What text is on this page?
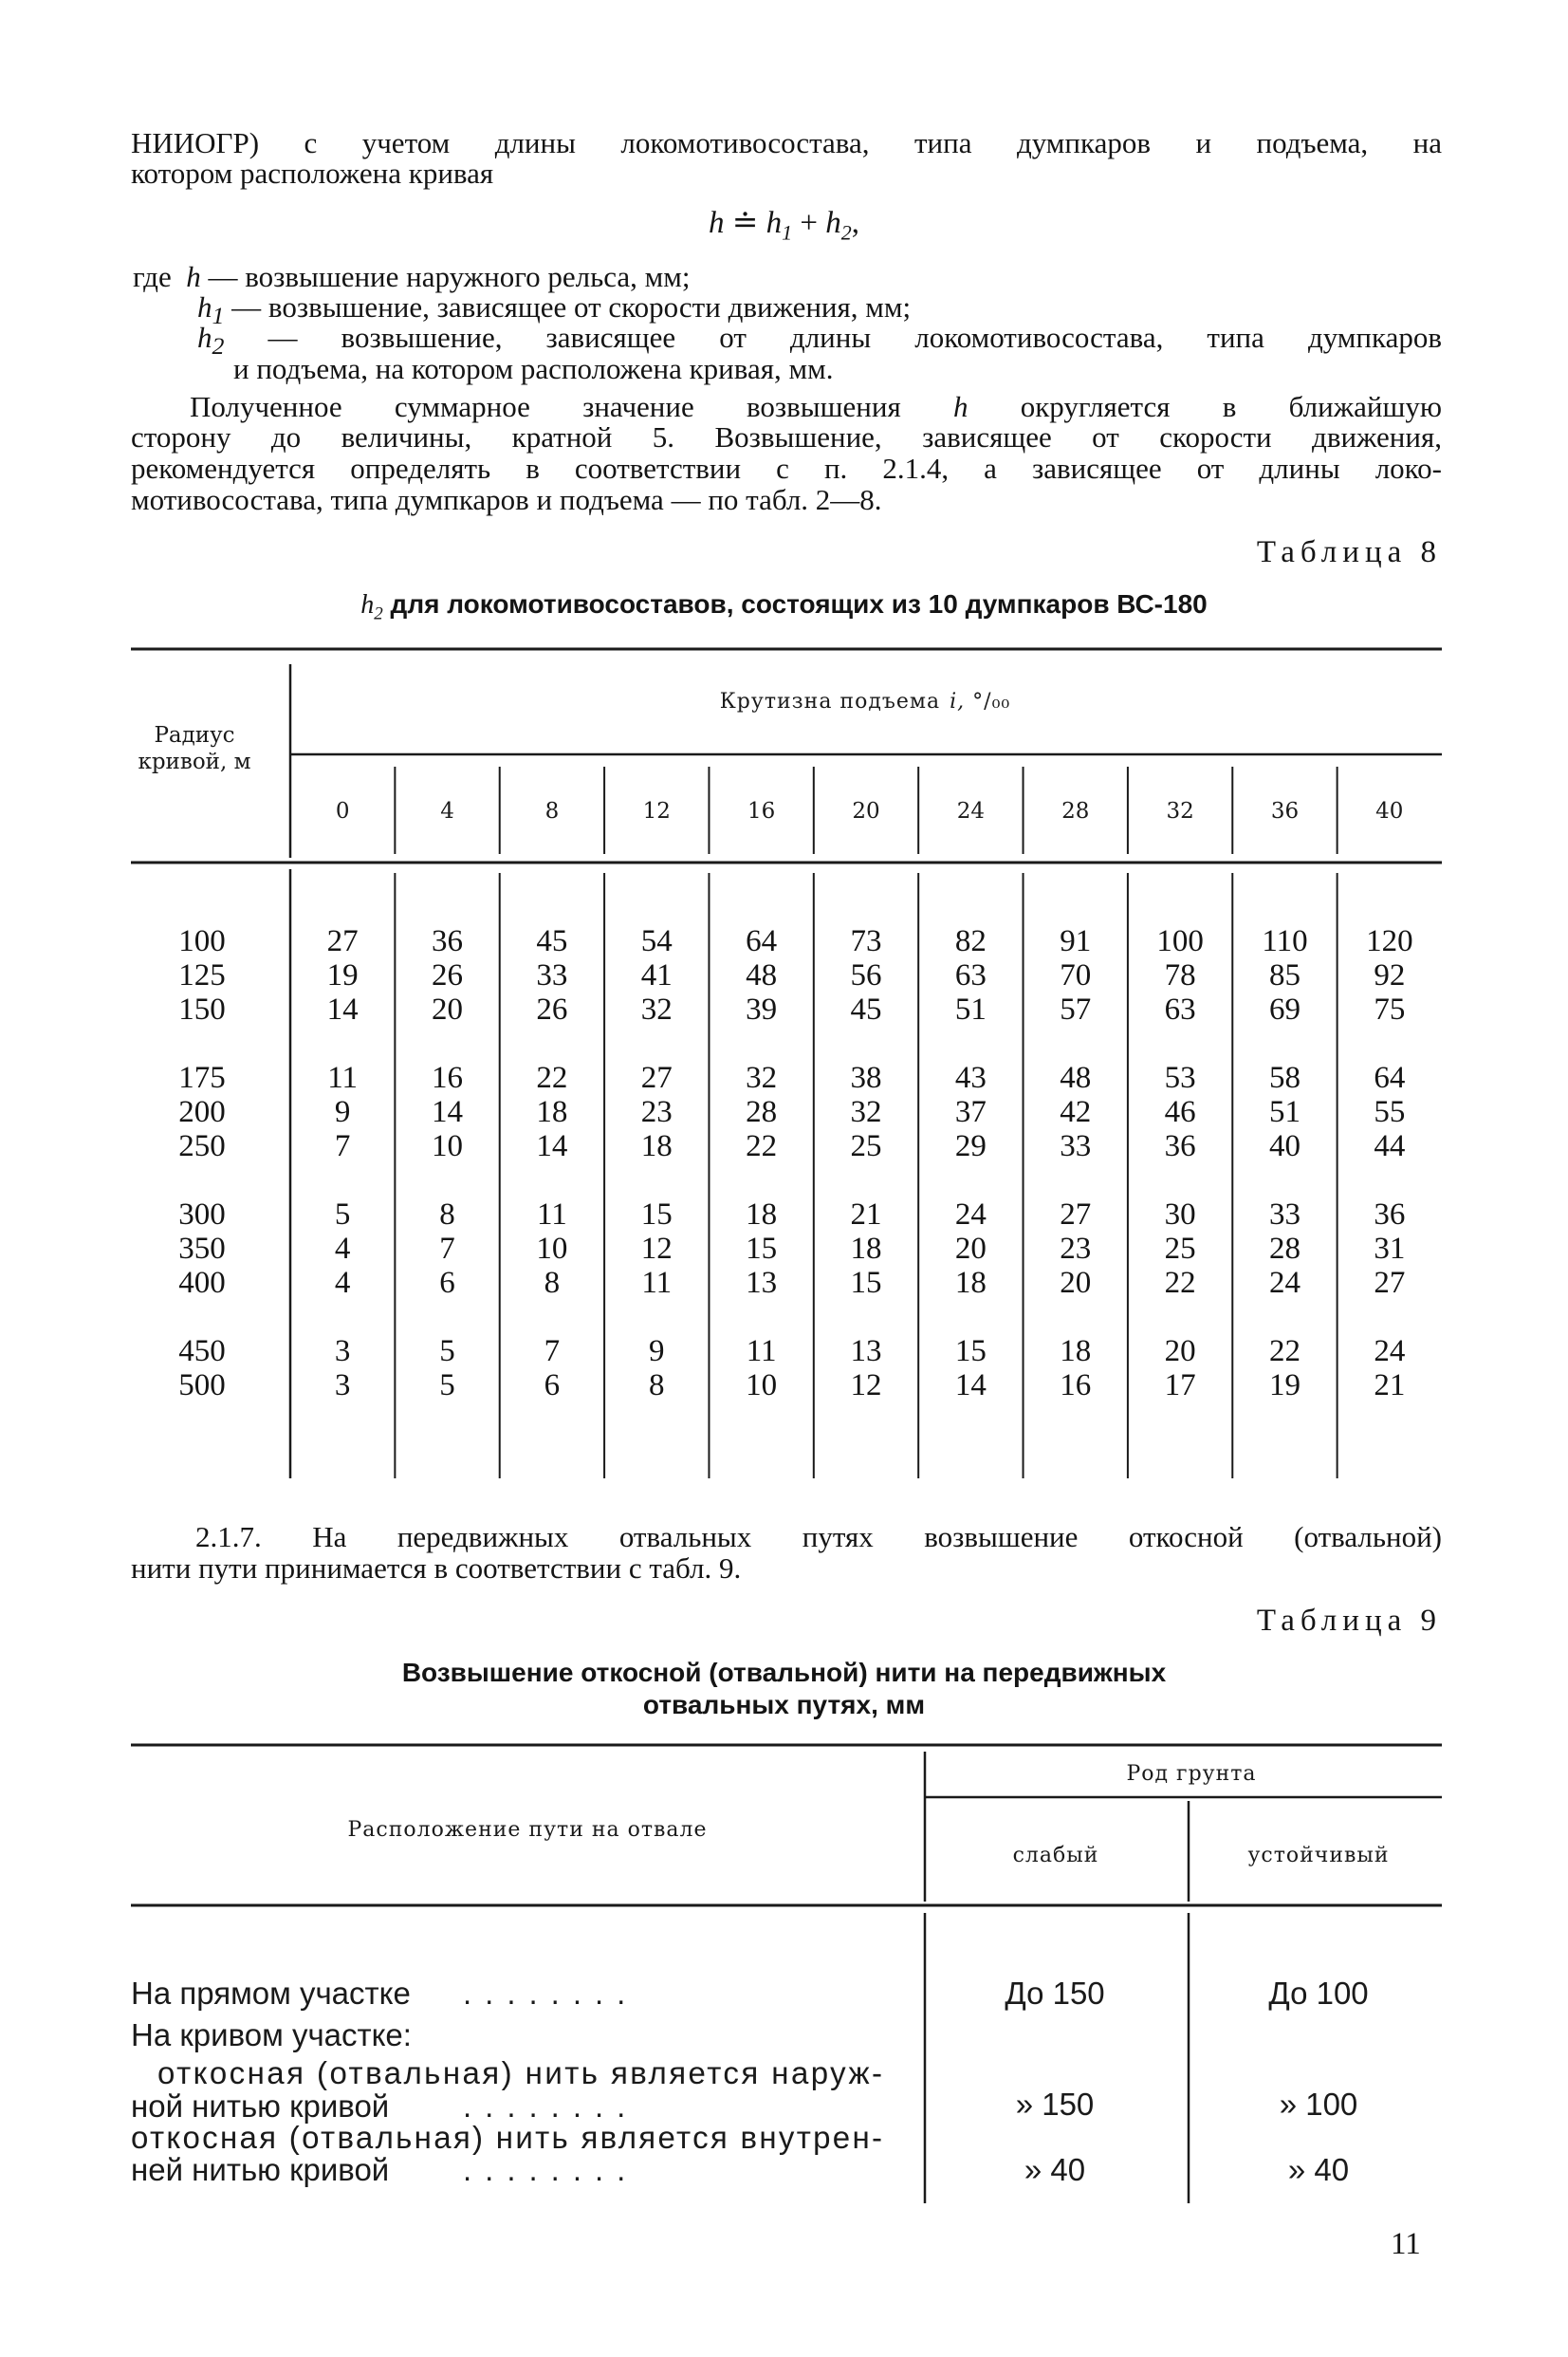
НИИОГР) с учетом длины локомотивосостава, типа думпкаров и подъема, на
котором расположена кривая
h ≐ $h_1 + h_2$,
где h — возвышение наружного рельса, мм;
$h_1$ — возвышение, зависящее от скорости движения, мм;
$h_2$ — возвышение, зависящее от длины локомотивосостава, типа думпкаров
и подъема, на котором расположена кривая, мм.
Полученное суммарное значение возвышения h округляется в ближайшую
сторону до величины, кратной 5. Возвышение, зависящее от скорости движения,
рекомендуется определять в соответствии с п. 2.1.4, а зависящее от длины локо-
мотивосостава, типа думпкаров и подъема — по табл. 2—8.
Таблица 8
$h_2$ для локомотивосоставов, состоящих из 10 думпкаров ВС-180
Радиус
кривой, м
Крутизна подъема i, °/₀₀
0	4	8	12	16	20	24	28	32	36	40
100	27 36 45 54 64 73 82 91 100 110 120
125	19 26 33 41 48 56 63 70 78 85 92
150	14 20 26 32 39 45 51 57 63 69 75
175	11 16 22 27 32 38 43 48 53 58 64
200	9	14 18 23 28 32 37 42 46 51 55
250	7	10 14 18 22 25 29 33 36 40 44
300	5	8	11 15 18 21 24 27 30 33 36
350	4	7	10 12 15 18 20 23 25 28 31
400	4	6	8	11 13 15 18 20 22 24 27
450	3	5	7	9	11 13 15 18 20 22 24
500	3	5	6	8	10 12 14 16 17 19 21
2.1.7. На передвижных отвальных путях возвышение откосной (отвальной)
нити пути принимается в соответствии с табл. 9.
Таблица 9
Возвышение откосной (отвальной) нити на передвижных
отвальных путях, мм
Расположение пути на отвале
Род грунта
слабый	устойчивый
На прямом участке ........	До 150	До 100
На кривом участке:
откосная (отвальная) нить является наруж-
ной нитью кривой ........	» 150	» 100
откосная (отвальная) нить является внутрен-
ней нитью кривой ........	» 40	» 40
11
